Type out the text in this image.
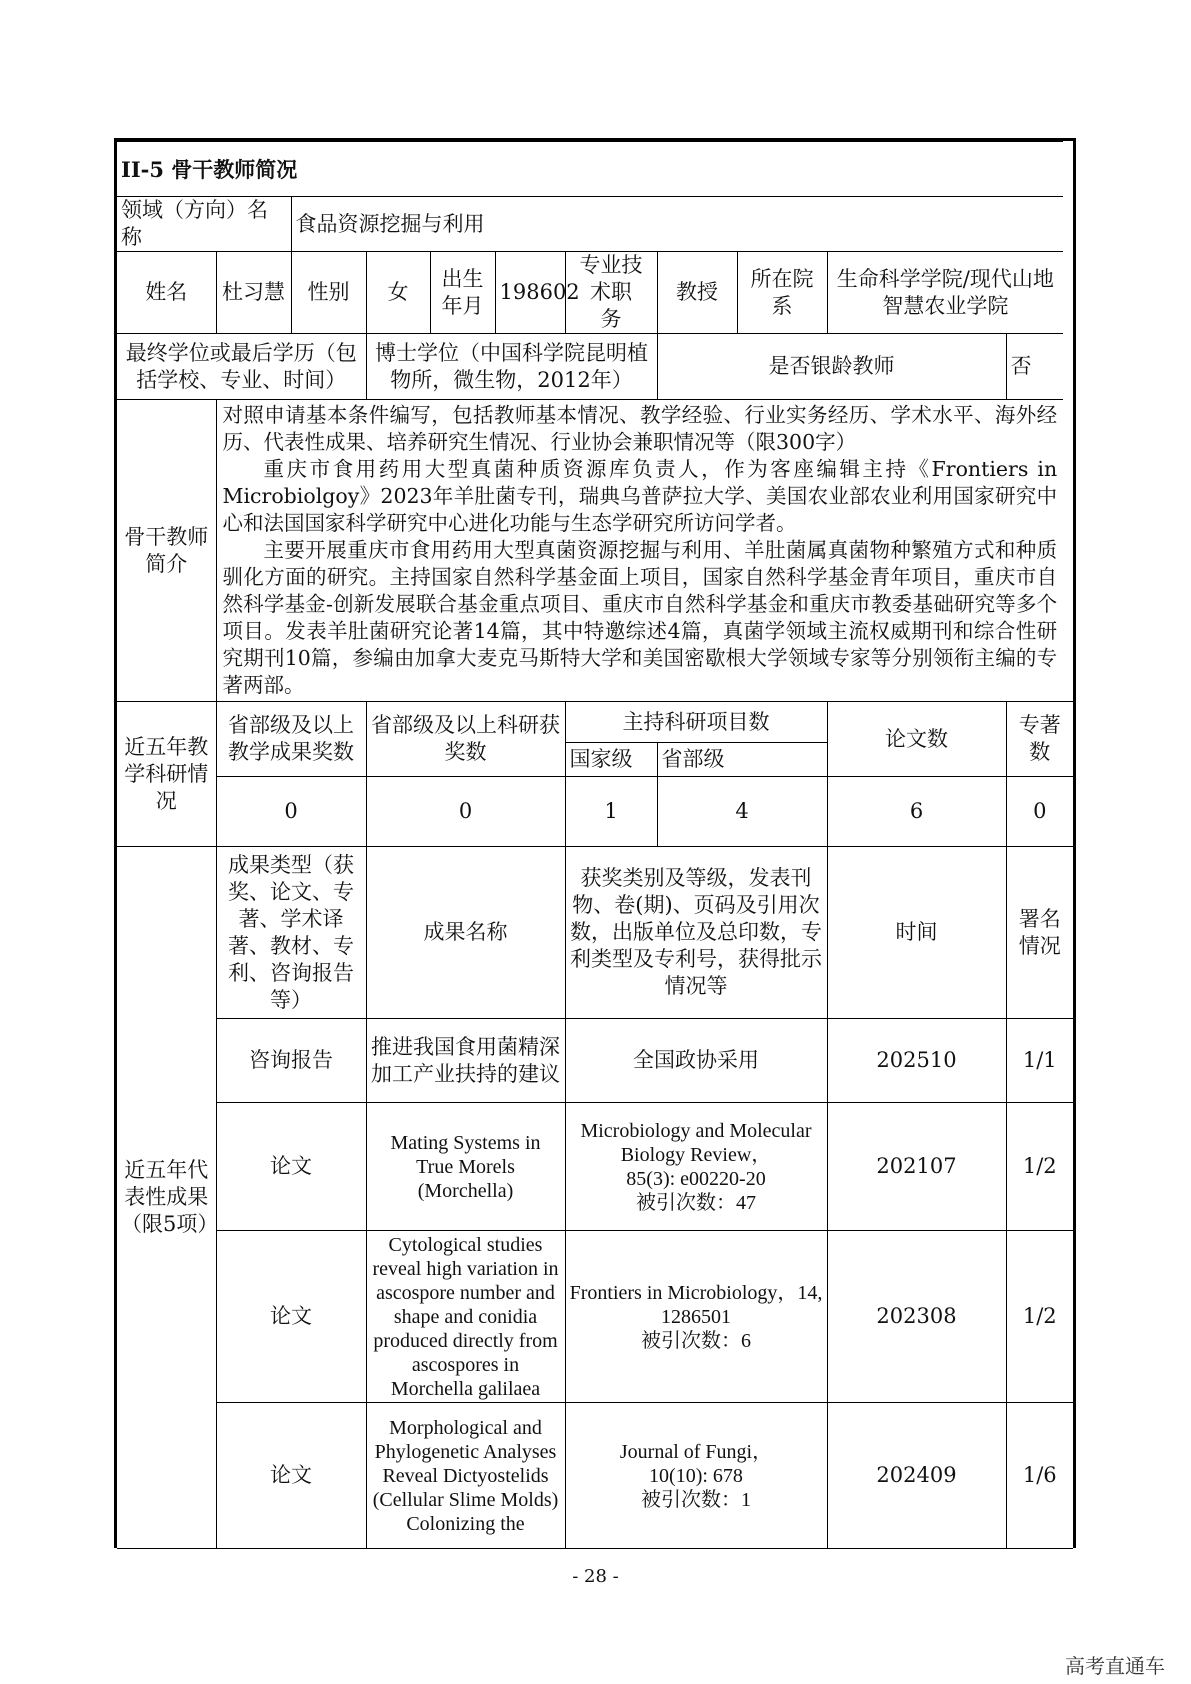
II-5 骨干教师简况										
领域（方向）名称		食品资源挖掘与利用								
姓名	杜习慧	性别	女	出生年月	198602	专业技术职　务	教授	所在院系	生命科学学院/现代山地智慧农业学院	
最终学位或最后学历（包括学校、专业、时间）			博士学位（中国科学院昆明植物所，微生物，2012年）				是否银龄教师			否
骨干教师简介	对照申请基本条件编写，包括教师基本情况、教学经验、行业实务经历、学术水平、海外经历、代表性成果、培养研究生情况、行业协会兼职情况等（限300字）

重庆市食用药用大型真菌种质资源库负责人，作为客座编辑主持《Frontiers in Microbiolgoy》2023年羊肚菌专刊，瑞典乌普萨拉大学、美国农业部农业利用国家研究中心和法国国家科学研究中心进化功能与生态学研究所访问学者。

主要开展重庆市食用药用大型真菌资源挖掘与利用、羊肚菌属真菌物种繁殖方式和种质驯化方面的研究。主持国家自然科学基金面上项目，国家自然科学基金青年项目，重庆市自然科学基金-创新发展联合基金重点项目、重庆市自然科学基金和重庆市教委基础研究等多个项目。发表羊肚菌研究论著14篇，其中特邀综述4篇，真菌学领域主流权威期刊和综合性研究期刊10篇，参编由加拿大麦克马斯特大学和美国密歇根大学领域专家等分别领衔主编的专著两部。									

近五年教学科研情况	省部级及以上教学成果奖数		省部级及以上科研获奖数			主持科研项目数			论文数	专著数
						国家级	省部级			
	0		0			1	4		6	0
近五年代表性成果（限5项）	成果类型（获奖、论文、专著、学术译著、教材、专利、咨询报告等）		成果名称			获奖类别及等级，发表刊物、卷(期)、页码及引用次数，出版单位及总印数，专利类型及专利号，获得批示情况等			时间	署名情况
	咨询报告		推进我国食用菌精深加工产业扶持的建议			全国政协采用			202510	1/1
	论文		Mating Systems in True Morels (Morchella)			Microbiology and Molecular Biology Review，
85(3): e00220-20
被引次数：47			202107	1/2
	论文		Cytological studies reveal high variation in ascospore number and shape and conidia produced directly from ascospores in Morchella galilaea			Frontiers in Microbiology，14, 1286501
被引次数：6			202308	1/2
	论文		Morphological and Phylogenetic Analyses Reveal Dictyostelids (Cellular Slime Molds) Colonizing the			Journal of Fungi，
10(10): 678
被引次数：1			202409	1/6
- 28 -
高考直通车
